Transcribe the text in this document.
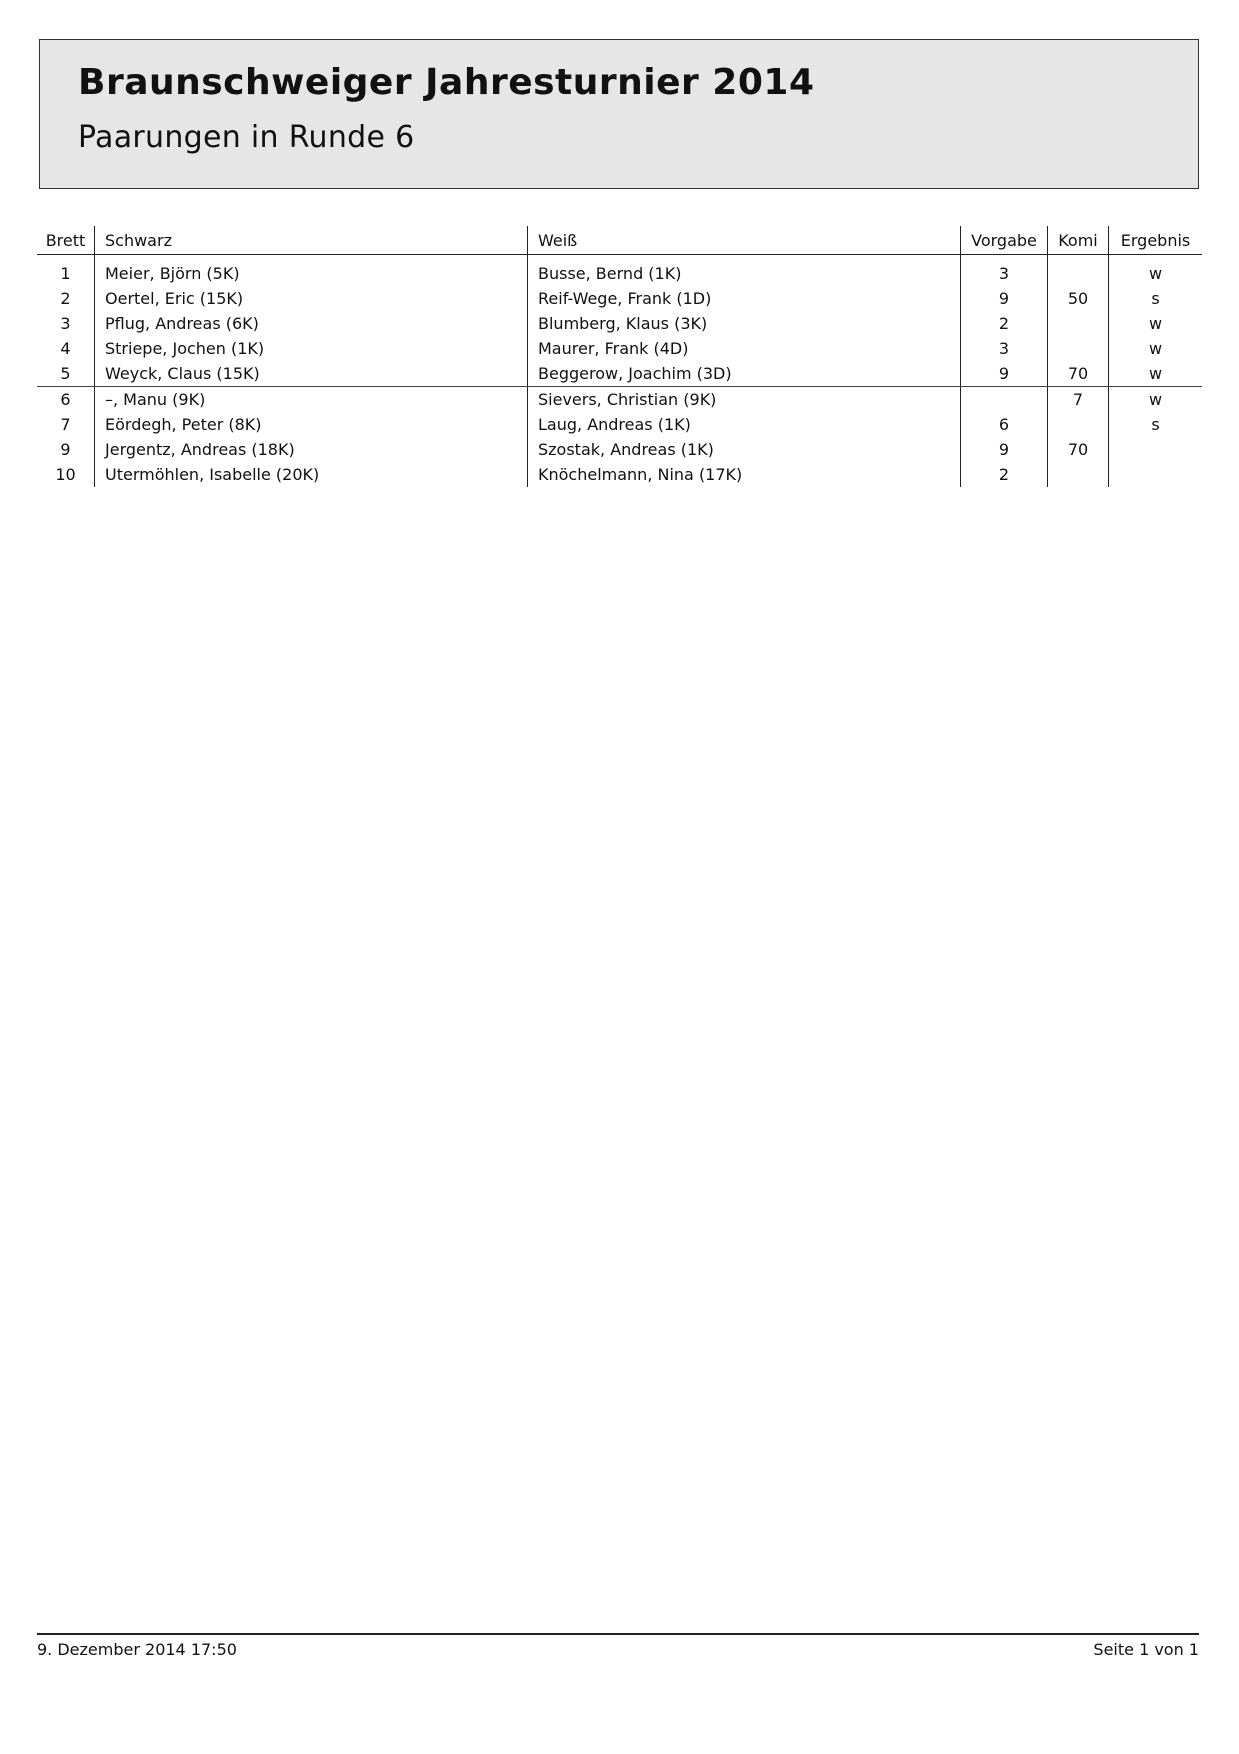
Braunschweiger Jahresturnier 2014
Paarungen in Runde 6
Brett	Schwarz	Weiß	Vorgabe	Komi	Ergebnis
1	Meier, Björn (5K)	Busse, Bernd (1K)	3		w
2	Oertel, Eric (15K)	Reif-Wege, Frank (1D)	9	50	s
3	Pflug, Andreas (6K)	Blumberg, Klaus (3K)	2		w
4	Striepe, Jochen (1K)	Maurer, Frank (4D)	3		w
5	Weyck, Claus (15K)	Beggerow, Joachim (3D)	9	70	w
6	–, Manu (9K)	Sievers, Christian (9K)		7	w
7	Eördegh, Peter (8K)	Laug, Andreas (1K)	6		s
9	Jergentz, Andreas (18K)	Szostak, Andreas (1K)	9	70	
10	Utermöhlen, Isabelle (20K)	Knöchelmann, Nina (17K)	2		
9. Dezember 2014 17:50	Seite 1 von 1
